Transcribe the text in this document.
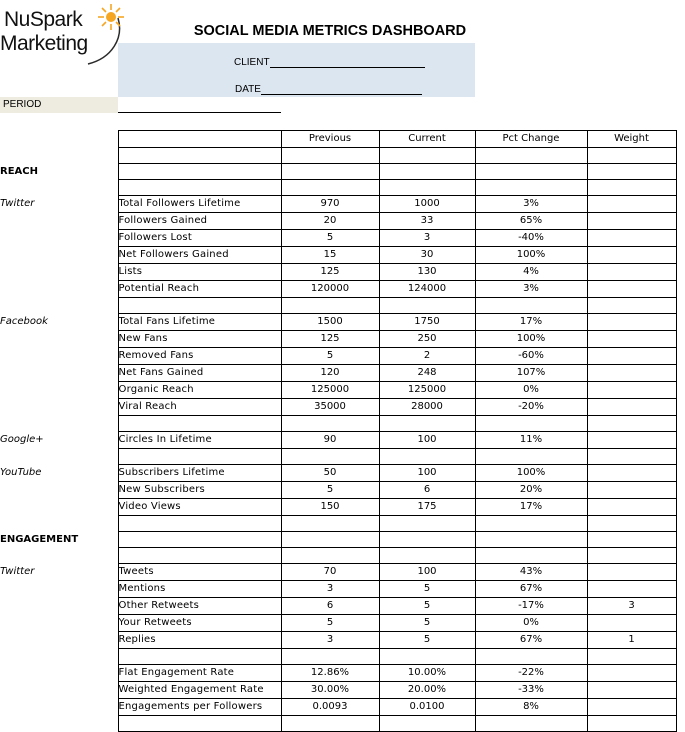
NuSpark
Marketing
SOCIAL MEDIA METRICS DASHBOARD
CLIENT
DATE
PERIOD
		Previous	Current	Pct Change	Weight

REACH					

Twitter	Total Followers Lifetime	970	1000	3%	
	Followers Gained	20	33	65%	
	Followers Lost	5	3	-40%	
	Net Followers Gained	15	30	100%	
	Lists	125	130	4%	
	Potential Reach	120000	124000	3%	

Facebook	Total Fans Lifetime	1500	1750	17%	
	New Fans	125	250	100%	
	Removed Fans	5	2	-60%	
	Net Fans Gained	120	248	107%	
	Organic Reach	125000	125000	0%	
	Viral Reach	35000	28000	-20%	

Google+	Circles In Lifetime	90	100	11%	

YouTube	Subscribers Lifetime	50	100	100%	
	New Subscribers	5	6	20%	
	Video Views	150	175	17%	

ENGAGEMENT					

Twitter	Tweets	70	100	43%	
	Mentions	3	5	67%	
	Other Retweets	6	5	-17%	3
	Your Retweets	5	5	0%	
	Replies	3	5	67%	1

	Flat Engagement Rate	12.86%	10.00%	-22%	
	Weighted Engagement Rate	30.00%	20.00%	-33%	
	Engagements per Followers	0.0093	0.0100	8%	
